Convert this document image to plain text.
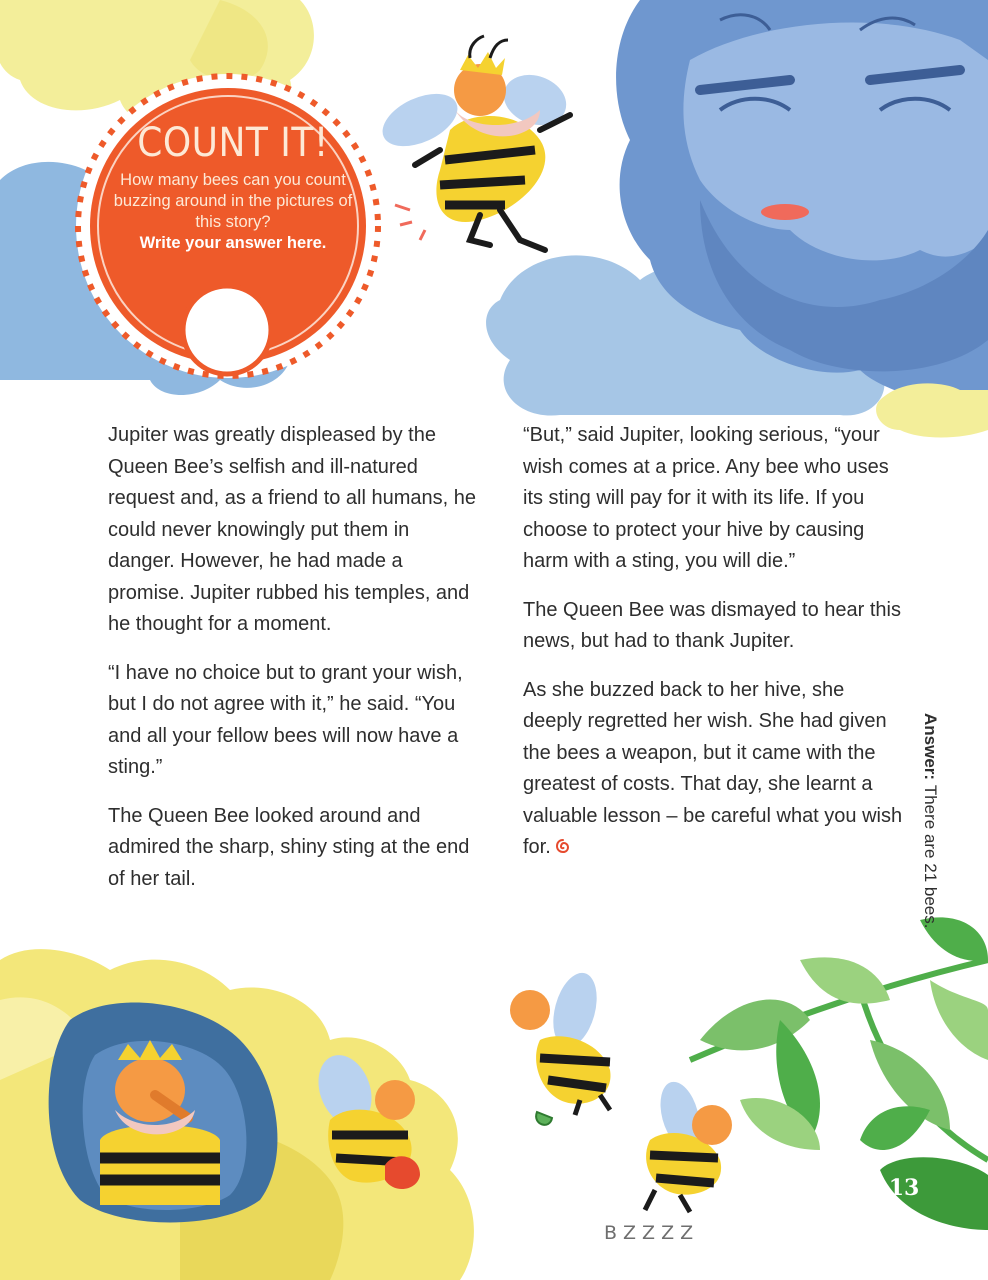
COUNT IT!

How many bees can you count buzzing around in the pictures of this story?

Write your answer here.

Jupiter was greatly displeased by the Queen Bee’s selfish and ill-natured request and, as a friend to all humans, he could never knowingly put them in danger. However, he had made a promise. Jupiter rubbed his temples, and he thought for a moment.

“I have no choice but to grant your wish, but I do not agree with it,” he said. “You and all your fellow bees will now have a sting.”

The Queen Bee looked around and admired the sharp, shiny sting at the end of her tail.

“But,” said Jupiter, looking serious, “your wish comes at a price. Any bee who uses its sting will pay for it with its life. If you choose to protect your hive by causing harm with a sting, you will die.”

The Queen Bee was dismayed to hear this news, but had to thank Jupiter.

As she buzzed back to her hive, she deeply regretted her wish. She had given the bees a weapon, but it came with the greatest of costs. That day, she learnt a valuable lesson – be careful what you wish for.

Answer: There are 21 bees.
BZZZZ
13
